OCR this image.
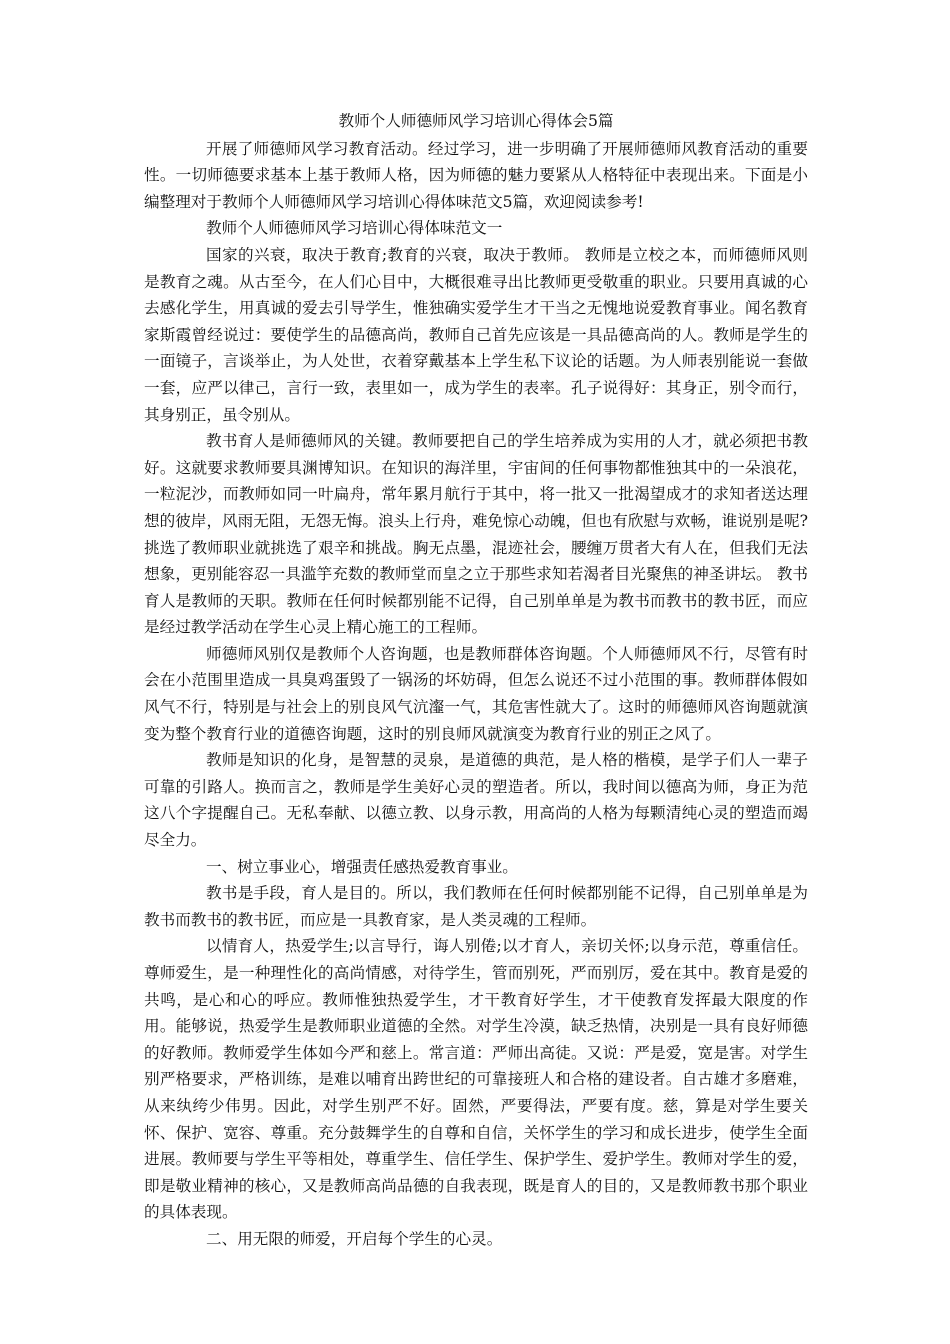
教师个人师德师风学习培训心得体会5篇

开展了师德师风学习教育活动。经过学习，进一步明确了开展师德师风教育活动的重要性。一切师德要求基本上基于教师人格，因为师德的魅力要紧从人格特征中表现出来。下面是小编整理对于教师个人师德师风学习培训心得体味范文5篇，欢迎阅读参考!

教师个人师德师风学习培训心得体味范文一

国家的兴衰，取决于教育;教育的兴衰，取决于教师。 教师是立校之本，而师德师风则是教育之魂。从古至今，在人们心目中，大概很难寻出比教师更受敬重的职业。只要用真诚的心去感化学生，用真诚的爱去引导学生，惟独确实爱学生才干当之无愧地说爱教育事业。闻名教育家斯霞曾经说过：要使学生的品德高尚，教师自己首先应该是一具品德高尚的人。教师是学生的一面镜子，言谈举止，为人处世，衣着穿戴基本上学生私下议论的话题。为人师表别能说一套做一套，应严以律己，言行一致，表里如一，成为学生的表率。孔子说得好：其身正，别令而行，其身别正，虽令别从。

教书育人是师德师风的关键。教师要把自己的学生培养成为实用的人才，就必须把书教好。这就要求教师要具渊博知识。在知识的海洋里，宇宙间的任何事物都惟独其中的一朵浪花，一粒泥沙，而教师如同一叶扁舟，常年累月航行于其中，将一批又一批渴望成才的求知者送达理想的彼岸，风雨无阻，无怨无悔。浪头上行舟，难免惊心动魄，但也有欣慰与欢畅，谁说别是呢?挑选了教师职业就挑选了艰辛和挑战。胸无点墨，混迹社会，腰缠万贯者大有人在，但我们无法想象，更别能容忍一具滥竽充数的教师堂而皇之立于那些求知若渴者目光聚焦的神圣讲坛。 教书育人是教师的天职。教师在任何时候都别能不记得，自己别单单是为教书而教书的教书匠，而应是经过教学活动在学生心灵上精心施工的工程师。

师德师风别仅是教师个人咨询题，也是教师群体咨询题。个人师德师风不行，尽管有时会在小范围里造成一具臭鸡蛋毁了一锅汤的坏妨碍，但怎么说还不过小范围的事。教师群体假如风气不行，特别是与社会上的别良风气沆瀣一气，其危害性就大了。这时的师德师风咨询题就演变为整个教育行业的道德咨询题，这时的别良师风就演变为教育行业的别正之风了。

教师是知识的化身，是智慧的灵泉，是道德的典范，是人格的楷模，是学子们人一辈子可靠的引路人。换而言之，教师是学生美好心灵的塑造者。所以，我时间以德高为师，身正为范这八个字提醒自己。无私奉献、以德立教、以身示教，用高尚的人格为每颗清纯心灵的塑造而竭尽全力。

一、树立事业心，增强责任感热爱教育事业。

教书是手段，育人是目的。所以，我们教师在任何时候都别能不记得，自己别单单是为教书而教书的教书匠，而应是一具教育家，是人类灵魂的工程师。

以情育人，热爱学生;以言导行，诲人别倦;以才育人，亲切关怀;以身示范，尊重信任。尊师爱生，是一种理性化的高尚情感，对待学生，管而别死，严而别厉，爱在其中。教育是爱的共鸣，是心和心的呼应。教师惟独热爱学生，才干教育好学生，才干使教育发挥最大限度的作用。能够说，热爱学生是教师职业道德的全然。对学生冷漠，缺乏热情，决别是一具有良好师德的好教师。教师爱学生体如今严和慈上。常言道：严师出高徒。又说：严是爱，宽是害。对学生别严格要求，严格训练，是难以哺育出跨世纪的可靠接班人和合格的建设者。自古雄才多磨难，从来纨绔少伟男。因此，对学生别严不好。固然，严要得法，严要有度。慈，算是对学生要关怀、保护、宽容、尊重。充分鼓舞学生的自尊和自信，关怀学生的学习和成长进步，使学生全面进展。教师要与学生平等相处，尊重学生、信任学生、保护学生、爱护学生。教师对学生的爱，即是敬业精神的核心，又是教师高尚品德的自我表现，既是育人的目的，又是教师教书那个职业的具体表现。

二、用无限的师爱，开启每个学生的心灵。
